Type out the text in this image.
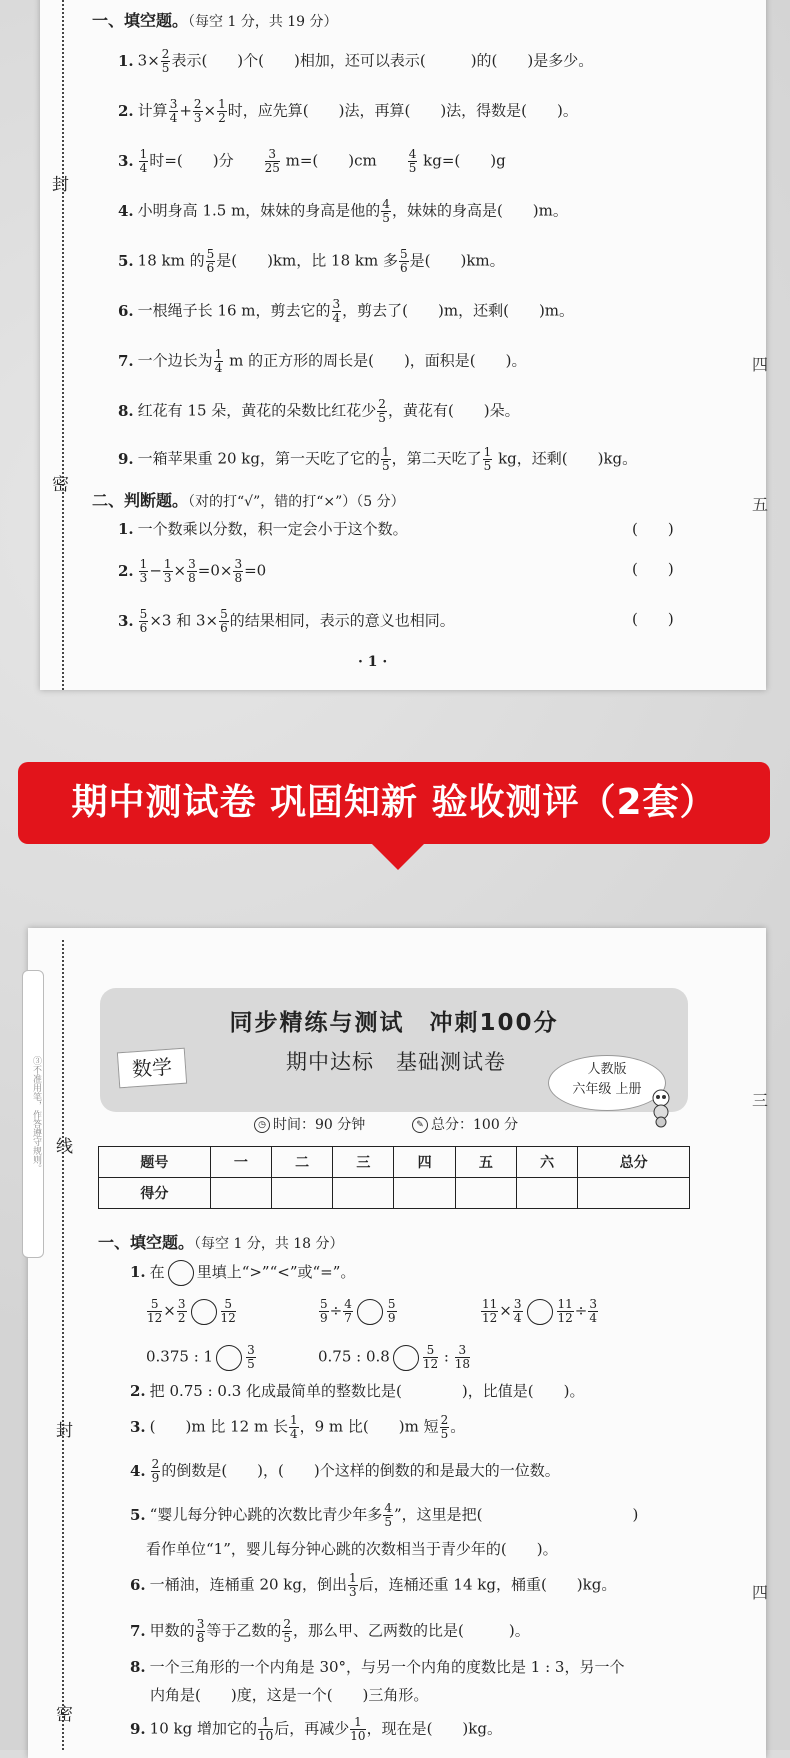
封
密
四
五
一、填空题。（每空 1 分，共 19 分）
1. $3\times \frac{2}{5}$ 表示(　　)个(　　)相加，还可以表示(　　　)的(　　)是多少。
2. 计算 $\frac{3}{4} + \frac{2}{3} \times \frac{1}{2}$ 时，应先算(　　)法，再算(　　)法，得数是(　　)。
3. $\frac{1}{4}$ 时=(　　)分　　 $\frac{3}{25} m=$(　　)cm　　 $\frac{4}{5} kg=$(　　)g
4. 小明身高 1.5 m，妹妹的身高是他的 $\frac{4}{5}$ ，妹妹的身高是(　　)m。
5. 18 km 的 $\frac{5}{6}$ 是(　　)km，比 18 km 多 $\frac{5}{6}$ 是(　　)km。
6. 一根绳子长 16 m，剪去它的 $\frac{3}{4}$ ，剪去了(　　)m，还剩(　　)m。
7. 一个边长为 $\frac{1}{4}$ m 的正方形的周长是(　　)，面积是(　　)。
8. 红花有 15 朵，黄花的朵数比红花少 $\frac{2}{5}$ ，黄花有(　　)朵。
9. 一箱苹果重 20 kg，第一天吃了它的 $\frac{1}{5}$ ，第二天吃了 $\frac{1}{5}$ kg，还剩(　　)kg。
二、判断题。（对的打“√”，错的打“×”）（5 分）
1. 一个数乘以分数，积一定会小于这个数。	(　　)
2. $\frac{1}{3} - \frac{1}{3} \times \frac{3}{8} =0\times \frac{3}{8} =0$	(　　)
3. $\frac{5}{6} \times 3$ 和 $3\times \frac{5}{6}$ 的结果相同，表示的意义也相同。	(　　)
· 1 ·
期中测试卷 巩固知新 验收测评（2套）
③不准用笔，作答遵守规则。 线
封
密
三
四
同步精练与测试　冲刺100分
数学	期中达标　基础测试卷	人教版
六年级 上册
◷ 时间：90 分钟	✎ 总分：100 分
题号	一	二	三	四	五	六	总分
得分							
一、填空题。（每空 1 分，共 18 分）
1. 在 里填上“>”“<”或“=”。
$\frac{5}{12} \times \frac{3}{2}$	$\frac{5}{12}$	$\frac{5}{9} \div \frac{4}{7}$	$\frac{5}{9}$	$\frac{11}{12} \times \frac{3}{4}$	$\frac{11}{12} \div \frac{3}{4}$
0.375 : 1	$\frac{3}{5}$	0.75 : 0.8	$\frac{5}{12}$ : $\frac{3}{18}$
2. 把 0.75 : 0.3 化成最简单的整数比是(　　　　)，比值是(　　)。
3. (　　)m 比 12 m 长 $\frac{1}{4}$ ，9 m 比(　　)m 短 $\frac{2}{5}$ 。
4. $\frac{2}{9}$ 的倒数是(　　)，(　　)个这样的倒数的和是最大的一位数。
5. “婴儿每分钟心跳的次数比青少年多 $\frac{4}{5}$ ”，这里是把(　　　　　　　　　　)
看作单位“1”，婴儿每分钟心跳的次数相当于青少年的(　　)。
6. 一桶油，连桶重 20 kg，倒出 $\frac{1}{3}$ 后，连桶还重 14 kg，桶重(　　)kg。
7. 甲数的 $\frac{3}{8}$ 等于乙数的 $\frac{2}{5}$ ，那么甲、乙两数的比是(　　　)。
8. 一个三角形的一个内角是 30°，与另一个内角的度数比是 1 : 3，另一个
内角是(　　)度，这是一个(　　)三角形。
9. 10 kg 增加它的 $\frac{1}{10}$ 后，再减少 $\frac{1}{10}$ ，现在是(　　)kg。
